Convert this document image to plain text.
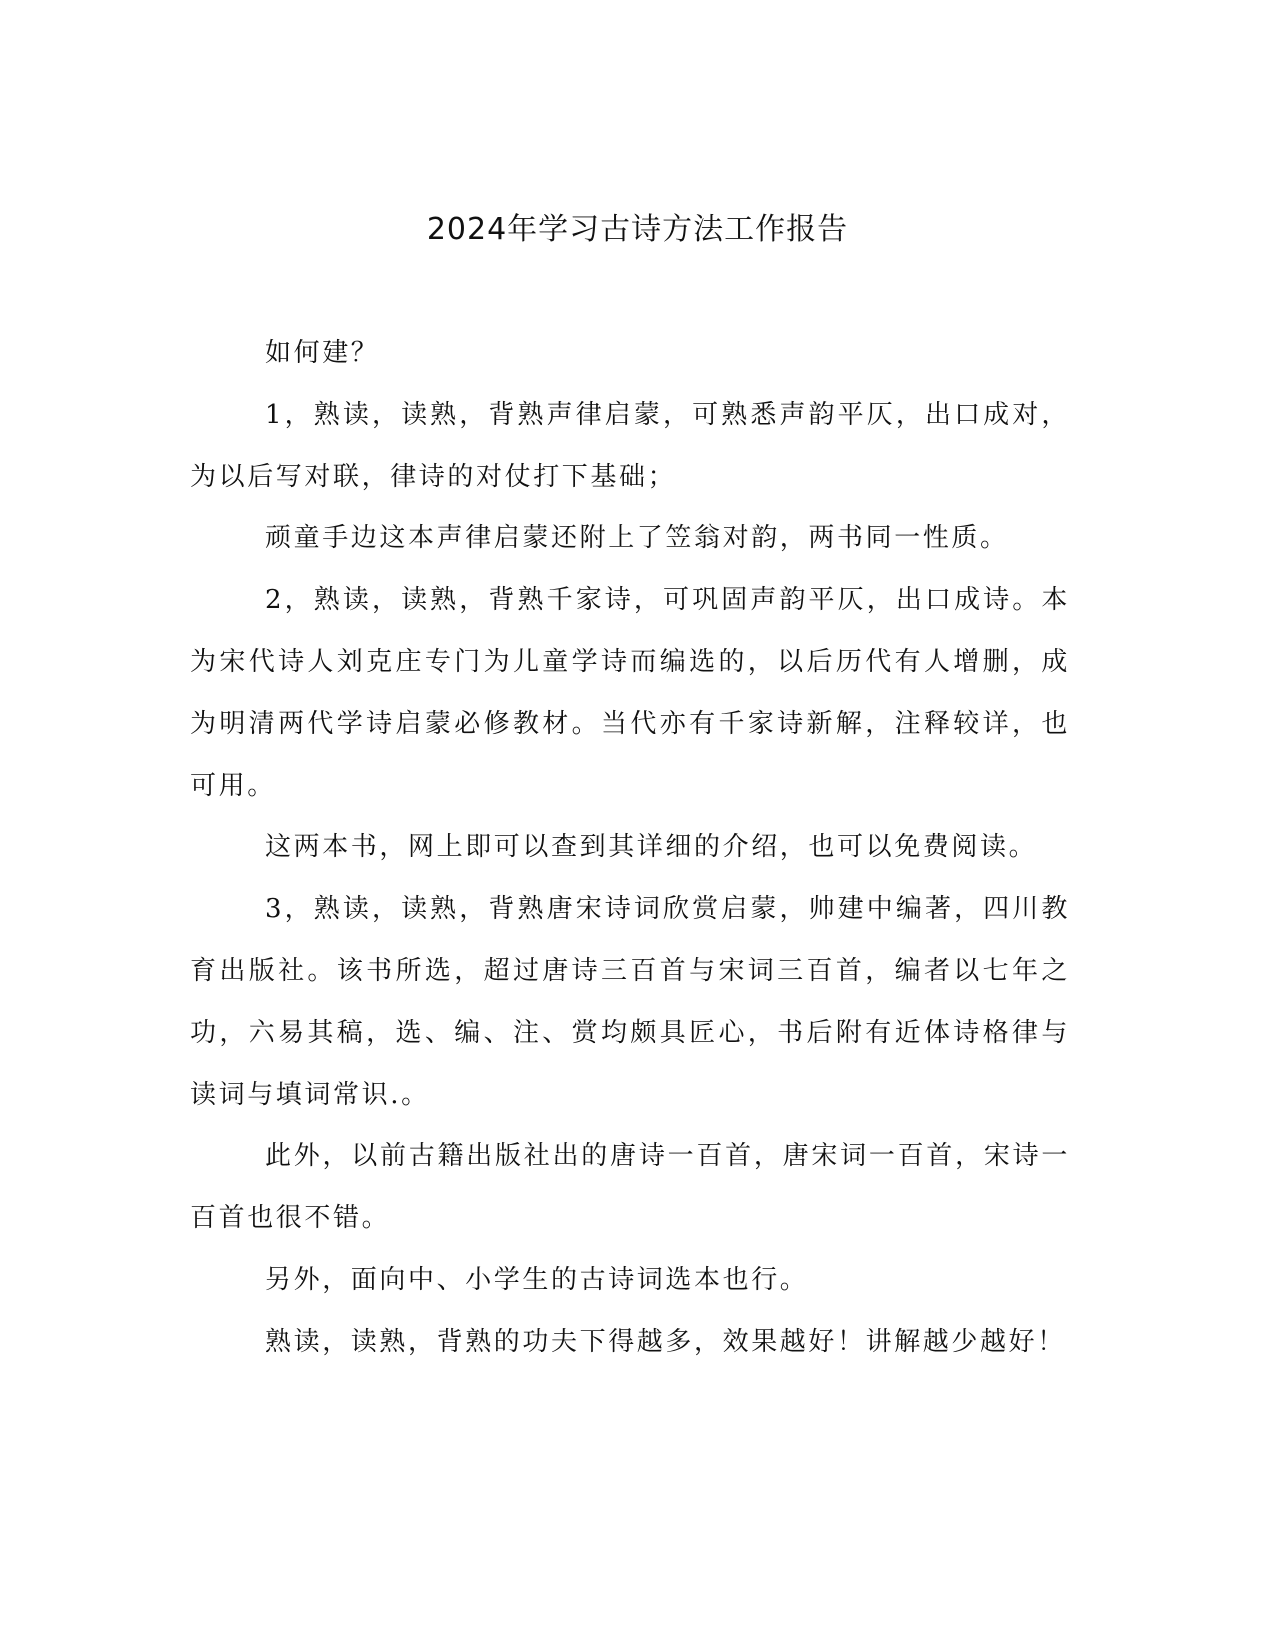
2024年学习古诗方法工作报告

如何建？

1，熟读，读熟，背熟声律启蒙，可熟悉声韵平仄，出口成对，为以后写对联，律诗的对仗打下基础；

顽童手边这本声律启蒙还附上了笠翁对韵，两书同一性质。

2，熟读，读熟，背熟千家诗，可巩固声韵平仄，出口成诗。本为宋代诗人刘克庄专门为儿童学诗而编选的，以后历代有人增删，成为明清两代学诗启蒙必修教材。当代亦有千家诗新解，注释较详，也可用。

这两本书，网上即可以查到其详细的介绍，也可以免费阅读。

3，熟读，读熟，背熟唐宋诗词欣赏启蒙，帅建中编著，四川教育出版社。该书所选，超过唐诗三百首与宋词三百首，编者以七年之功，六易其稿，选、编、注、赏均颇具匠心，书后附有近体诗格律与读词与填词常识.。

此外，以前古籍出版社出的唐诗一百首，唐宋词一百首，宋诗一百首也很不错。

另外，面向中、小学生的古诗词选本也行。

熟读，读熟，背熟的功夫下得越多，效果越好！讲解越少越好！
